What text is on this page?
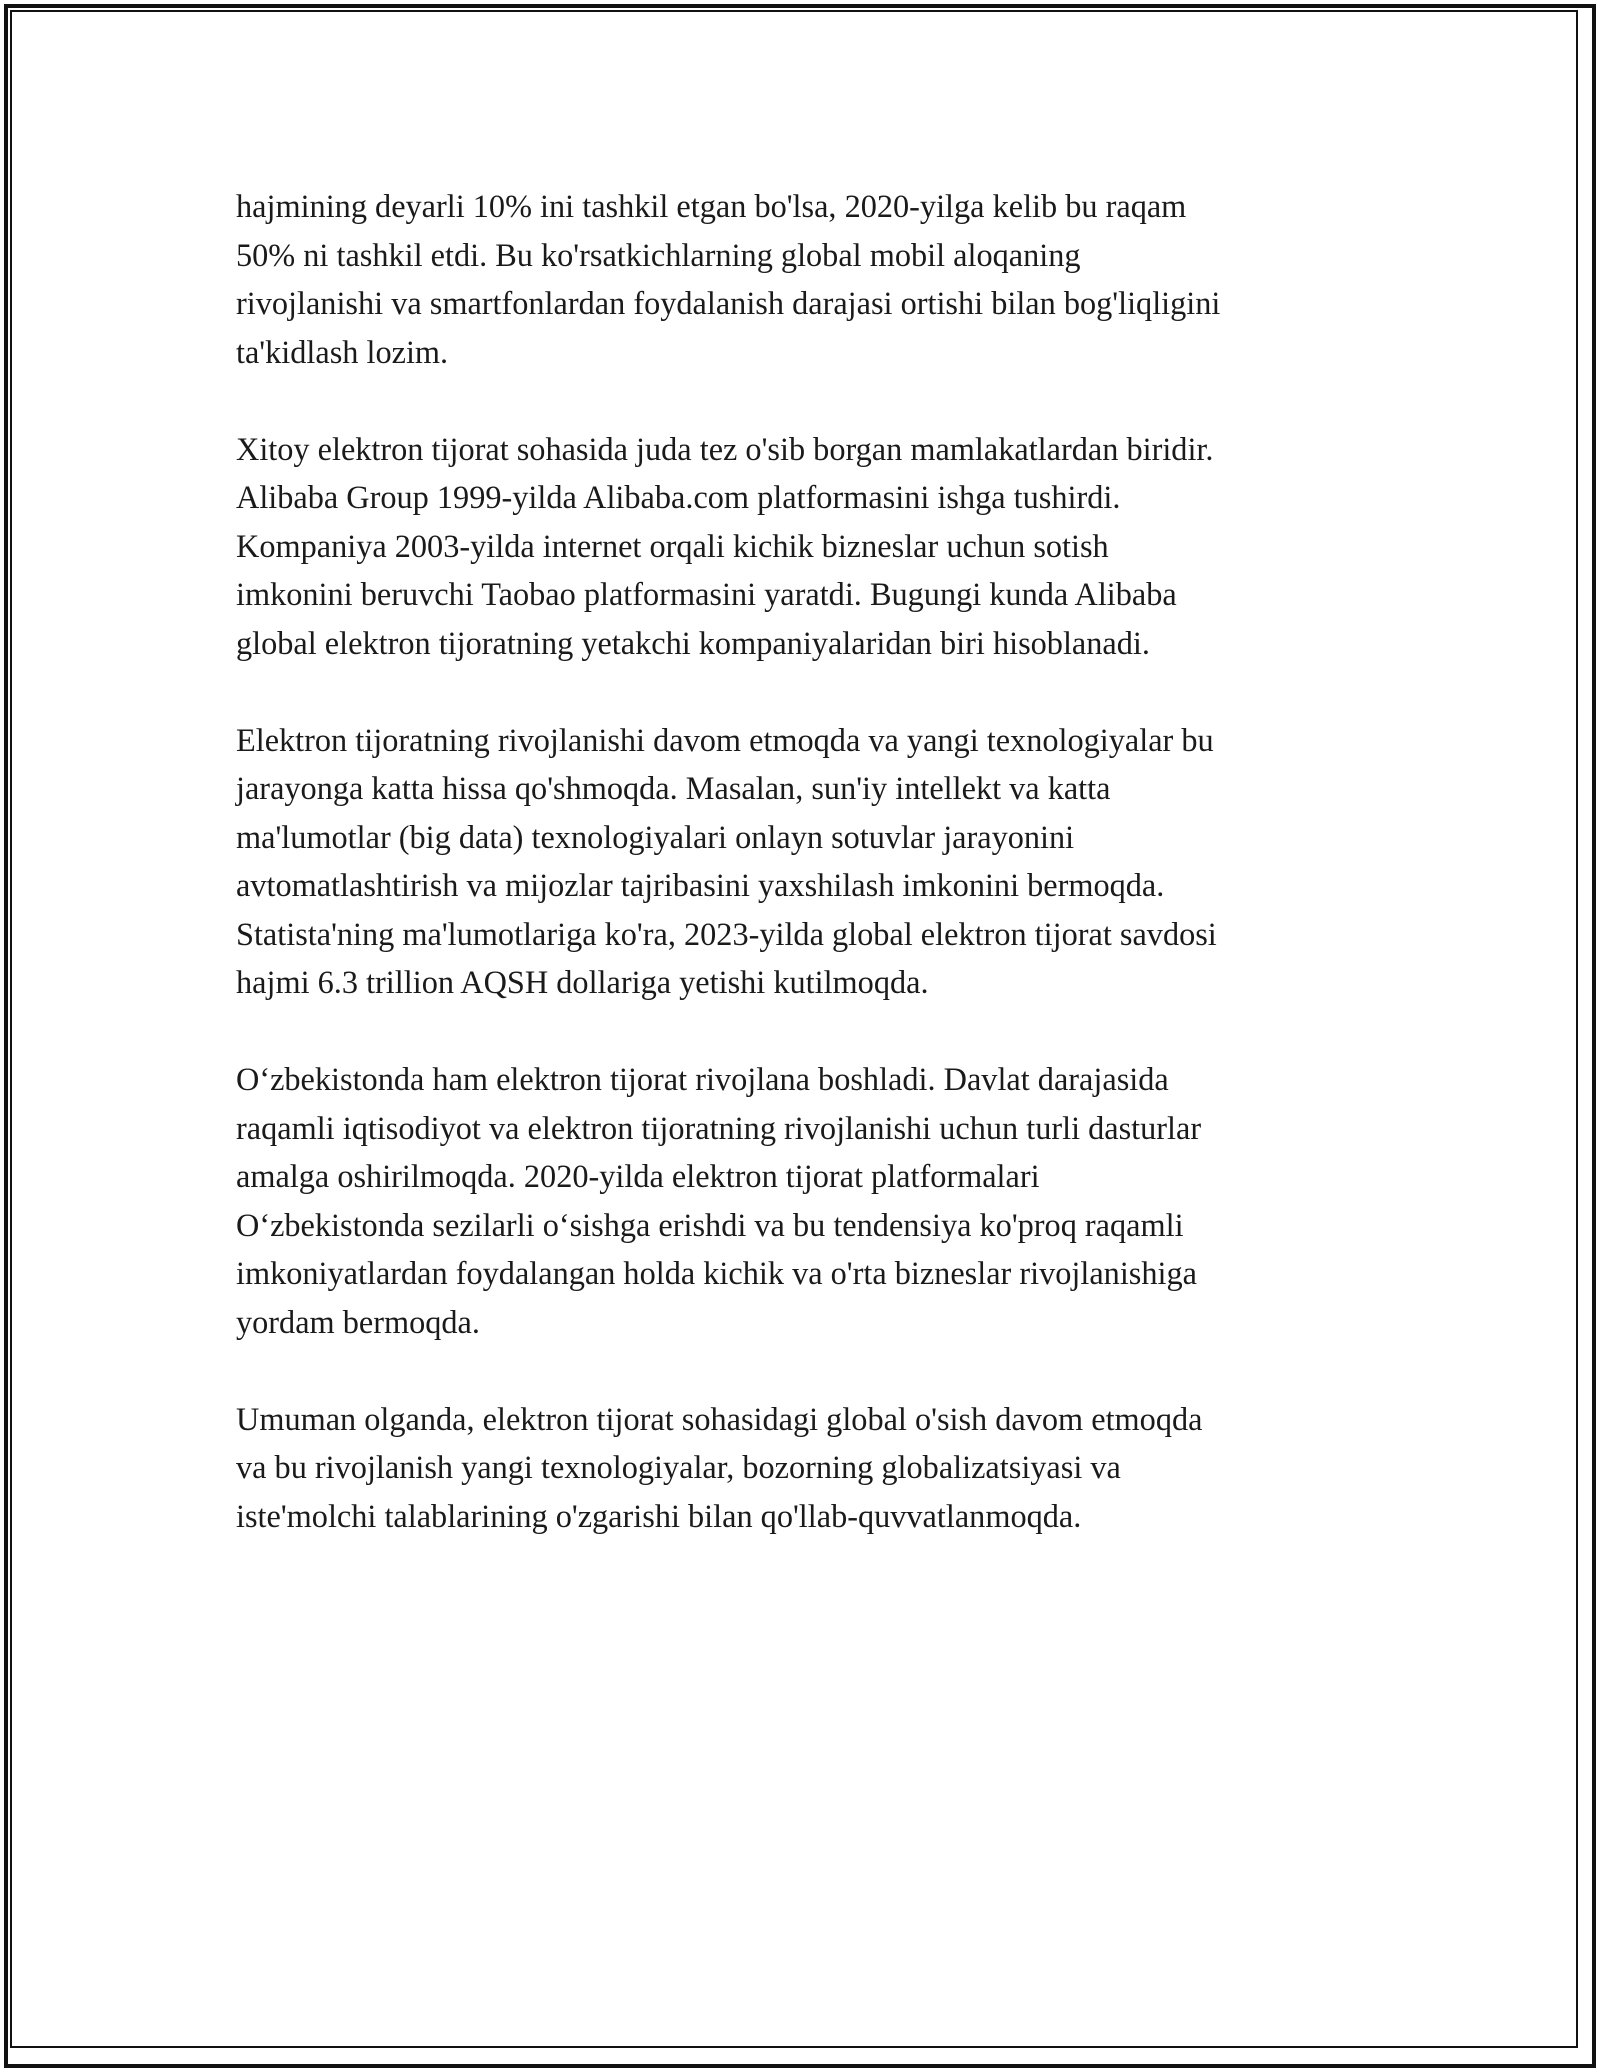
hajmining deyarli 10% ini tashkil etgan bo'lsa, 2020-yilga kelib bu raqam
50% ni tashkil etdi. Bu ko'rsatkichlarning global mobil aloqaning
rivojlanishi va smartfonlardan foydalanish darajasi ortishi bilan bog'liqligini
ta'kidlash lozim.

Xitoy elektron tijorat sohasida juda tez o'sib borgan mamlakatlardan biridir.
Alibaba Group 1999-yilda Alibaba.com platformasini ishga tushirdi.
Kompaniya 2003-yilda internet orqali kichik bizneslar uchun sotish
imkonini beruvchi Taobao platformasini yaratdi. Bugungi kunda Alibaba
global elektron tijoratning yetakchi kompaniyalaridan biri hisoblanadi.

Elektron tijoratning rivojlanishi davom etmoqda va yangi texnologiyalar bu
jarayonga katta hissa qo'shmoqda. Masalan, sun'iy intellekt va katta
ma'lumotlar (big data) texnologiyalari onlayn sotuvlar jarayonini
avtomatlashtirish va mijozlar tajribasini yaxshilash imkonini bermoqda.
Statista'ning ma'lumotlariga ko'ra, 2023-yilda global elektron tijorat savdosi
hajmi 6.3 trillion AQSH dollariga yetishi kutilmoqda.

O‘zbekistonda ham elektron tijorat rivojlana boshladi. Davlat darajasida
raqamli iqtisodiyot va elektron tijoratning rivojlanishi uchun turli dasturlar
amalga oshirilmoqda. 2020-yilda elektron tijorat platformalari
O‘zbekistonda sezilarli o‘sishga erishdi va bu tendensiya ko'proq raqamli
imkoniyatlardan foydalangan holda kichik va o'rta bizneslar rivojlanishiga
yordam bermoqda.

Umuman olganda, elektron tijorat sohasidagi global o'sish davom etmoqda
va bu rivojlanish yangi texnologiyalar, bozorning globalizatsiyasi va
iste'molchi talablarining o'zgarishi bilan qo'llab-quvvatlanmoqda.
